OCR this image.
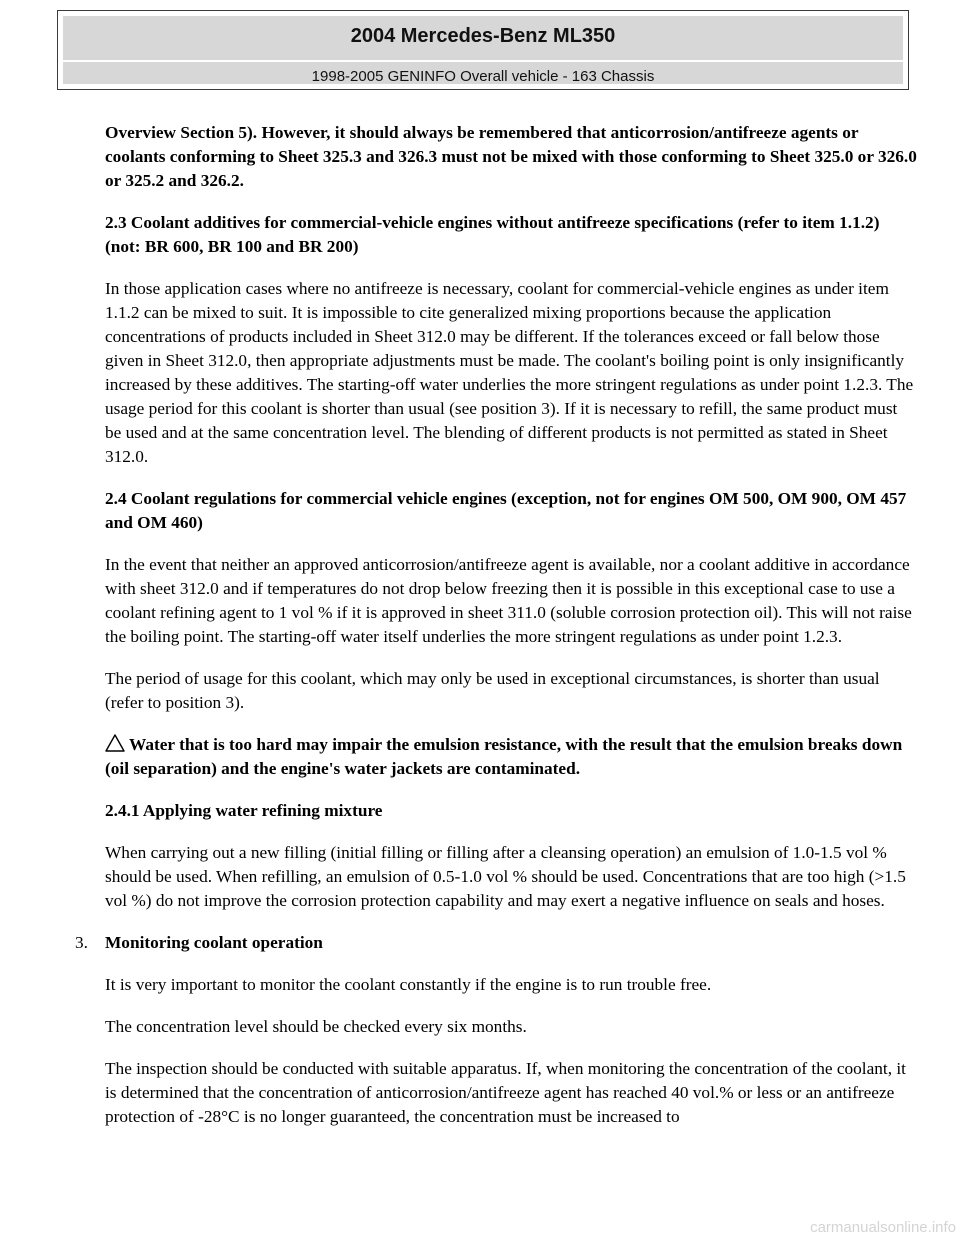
2004 Mercedes-Benz ML350
1998-2005 GENINFO Overall vehicle - 163 Chassis

Overview Section 5). However, it should always be remembered that anticorrosion/antifreeze agents or coolants conforming to Sheet 325.3 and 326.3 must not be mixed with those conforming to Sheet 325.0 or 326.0 or 325.2 and 326.2.

2.3 Coolant additives for commercial-vehicle engines without antifreeze specifications (refer to item 1.1.2) (not: BR 600, BR 100 and BR 200)

In those application cases where no antifreeze is necessary, coolant for commercial-vehicle engines as under item 1.1.2 can be mixed to suit. It is impossible to cite generalized mixing proportions because the application concentrations of products included in Sheet 312.0 may be different. If the tolerances exceed or fall below those given in Sheet 312.0, then appropriate adjustments must be made. The coolant's boiling point is only insignificantly increased by these additives. The starting-off water underlies the more stringent regulations as under point 1.2.3. The usage period for this coolant is shorter than usual (see position 3). If it is necessary to refill, the same product must be used and at the same concentration level. The blending of different products is not permitted as stated in Sheet 312.0.

2.4 Coolant regulations for commercial vehicle engines (exception, not for engines OM 500, OM 900, OM 457 and OM 460)

In the event that neither an approved anticorrosion/antifreeze agent is available, nor a coolant additive in accordance with sheet 312.0 and if temperatures do not drop below freezing then it is possible in this exceptional case to use a coolant refining agent to 1 vol % if it is approved in sheet 311.0 (soluble corrosion protection oil). This will not raise the boiling point. The starting-off water itself underlies the more stringent regulations as under point 1.2.3.

The period of usage for this coolant, which may only be used in exceptional circumstances, is shorter than usual (refer to position 3).

Water that is too hard may impair the emulsion resistance, with the result that the emulsion breaks down (oil separation) and the engine's water jackets are contaminated.

2.4.1 Applying water refining mixture

When carrying out a new filling (initial filling or filling after a cleansing operation) an emulsion of 1.0-1.5 vol % should be used. When refilling, an emulsion of 0.5-1.0 vol % should be used. Concentrations that are too high (>1.5 vol %) do not improve the corrosion protection capability and may exert a negative influence on seals and hoses.

3. Monitoring coolant operation

It is very important to monitor the coolant constantly if the engine is to run trouble free.

The concentration level should be checked every six months.

The inspection should be conducted with suitable apparatus. If, when monitoring the concentration of the coolant, it is determined that the concentration of anticorrosion/antifreeze agent has reached 40 vol.% or less or an antifreeze protection of -28°C is no longer guaranteed, the concentration must be increased to

carmanualsonline.info
